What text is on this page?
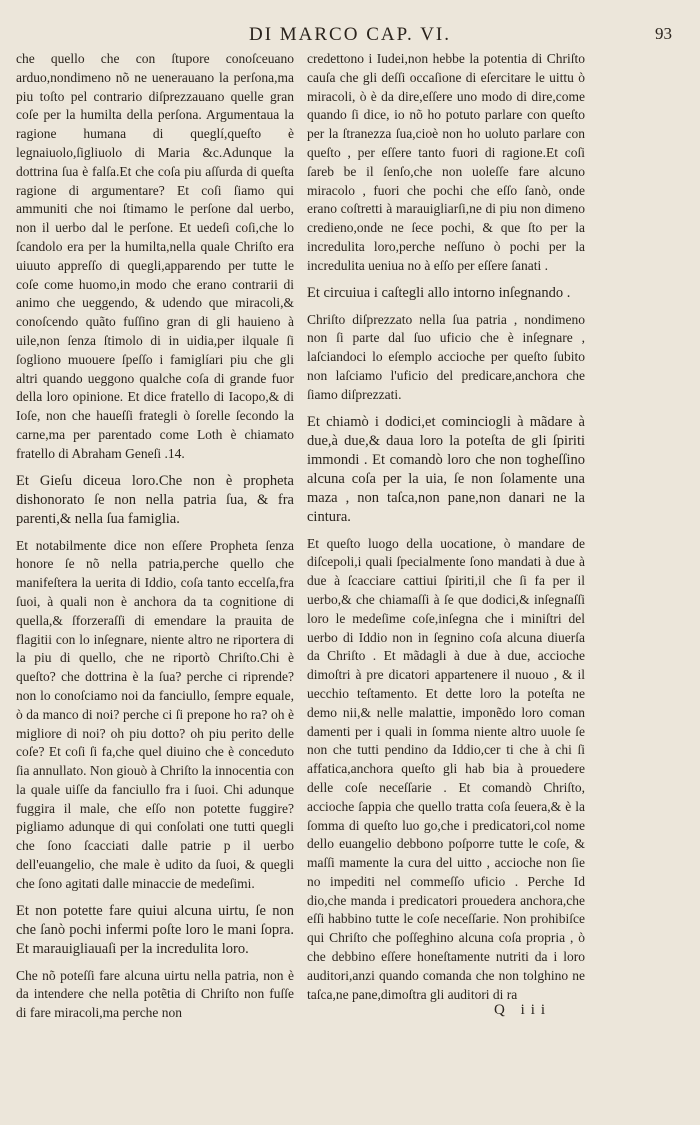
DI MARCO CAP. VI.	93

che quello che con ſtupore conoſceuano arduo,nondimeno nõ ne uenerauano la perſona,ma piu toſto pel contrario diſprezzauano quelle gran coſe per la humilta della perſona. Argumentaua la ragione humana di queglí,queſto è legnaiuolo,ſigliuolo di Maria &c.Adunque la dottrina ſua è falſa.Et che coſa piu aſſurda di queſta ragione di argumentare? Et coſi ſiamo qui ammuniti che noi ſtimamo le perſone dal uerbo, non il uerbo dal le perſone. Et uedeſi coſi,che lo ſcandolo era per la humilta,nella quale Chriſto era uiuuto appreſſo di quegli,apparendo per tutte le coſe come huomo,in modo che erano contrarii di animo che ueggendo, & udendo que miracoli,& conoſcendo quãto fuſſino gran di gli hauieno à uile,non ſenza ſtimolo di in uidia,per ilquale ſi ſogliono muouere ſpeſſo i famiglíari piu che gli altri quando ueggono qualche coſa di grande fuor della loro opinione. Et dice fratello di Iacopo,& di Ioſe, non che haueſſi frategli ò ſorelle ſecondo la carne,ma per parentado come Loth è chiamato fratello di Abraham Geneſi .14.

Et Gieſu diceua loro.Che non è propheta dishonorato ſe non nella patria ſua, & fra parenti,& nella ſua famiglia.

Et notabilmente dice non eſſere Propheta ſenza honore ſe nõ nella patria,perche quello che manifeſtera la uerita di Iddio, coſa tanto eccelſa,fra ſuoi, à quali non è anchora da ta cognitione di quella,& ſforzeraſſi di emendare la prauita de flagitii con lo inſegnare, niente altro ne riportera di la piu di quello, che ne riportò Chriſto.Chi è queſto? che dottrina è la ſua? perche ci riprende? non lo conoſciamo noi da fanciullo, ſempre equale, ò da manco di noi? perche ci ſi prepone ho ra? oh è migliore di noi? oh piu dotto? oh piu perito delle coſe? Et coſi ſi fa,che quel diuino che è conceduto ſia annullato. Non giouò à Chriſto la innocentia con la quale uiſſe da fanciullo fra i ſuoi. Chi adunque fuggira il male, che eſſo non potette fuggire? pigliamo adunque di qui conſolati one tutti quegli che ſono ſcacciati dalle patrie p il uerbo dell'euangelio, che male è udito da ſuoi, & quegli che ſono agitati dalle minaccie de medeſimi.

Et non potette fare quiui alcuna uirtu, ſe non che ſanò pochi infermi poſte loro le mani ſopra. Et marauigliauaſi per la incredulita loro.

Che nõ poteſſi fare alcuna uirtu nella patria, non è da intendere che nella potẽtia di Chriſto non fuſſe di fare miracoli,ma perche non

credettono i Iudei,non hebbe la potentia di Chriſto cauſa che gli deſſi occaſione di eſercitare le uittu ò miracoli, ò è da dire,eſſere uno modo di dire,come quando ſi dice, io nõ ho potuto parlare con queſto per la ſtranezza ſua,cioè non ho uoluto parlare con queſto , per eſſere tanto fuori di ragione.Et coſi ſareb be il ſenſo,che non uoleſſe fare alcuno miracolo , fuori che pochi che eſſo ſanò, onde erano coſtretti à marauigliarſi,ne di piu non dimeno credieno,onde ne ſece pochi, & que ſto per la incredulita loro,perche neſſuno ò pochi per la incredulita ueniua no à eſſo per eſſere ſanati .

Et circuiua i caſtegli allo intorno inſegnando .

Chriſto diſprezzato nella ſua patria , nondimeno non ſi parte dal ſuo uficio che è inſegnare , laſciandoci lo eſemplo accioche per queſto ſubito non laſciamo l'uficio del predicare,anchora che ſiamo diſprezzati.

Et chiamò i dodici,et cominciogli à mãdare à due,à due,& daua loro la poteſta de gli ſpiriti immondi . Et comandò loro che non togheſſino alcuna coſa per la uia, ſe non ſolamente una maza , non taſca,non pane,non danari ne la cintura.

Et queſto luogo della uocatione, ò mandare de diſcepoli,i quali ſpecialmente ſono mandati à due à due à ſcacciare cattiui ſpiriti,il che ſi fa per il uerbo,& che chiamaſſi à ſe que dodici,& inſegnaſſi loro le medeſime coſe,inſegna che i miniſtri del uerbo di Iddio non in ſegnino coſa alcuna diuerſa da Chriſto . Et mãdagli à due à due, accioche dimoſtri à pre dicatori appartenere il nuouo , & il uecchio teſtamento. Et dette loro la poteſta ne demo nii,& nelle malattie, imponẽdo loro coman damenti per i quali in ſomma niente altro uuole ſe non che tutti pendino da Iddio,cer ti che à chi ſi affatica,anchora queſto gli hab bia à prouedere delle coſe neceſſarie . Et comandò Chriſto, accioche ſappia che quello tratta coſa ſeuera,& è la ſomma di queſto luo go,che i predicatori,col nome dello euangelio debbono poſporre tutte le coſe, & maſſi mamente la cura del uitto , accioche non ſie no impediti nel commeſſo uficio . Perche Id dio,che manda i predicatori prouedera anchora,che eſſi habbino tutte le coſe neceſſarie. Non prohibiſce qui Chriſto che poſſeghino alcuna coſa propria , ò che debbino eſſere honeſtamente nutriti da i loro auditori,anzi quando comanda che non tolghino ne taſca,ne pane,dimoſtra gli auditori di ra

Q iii
